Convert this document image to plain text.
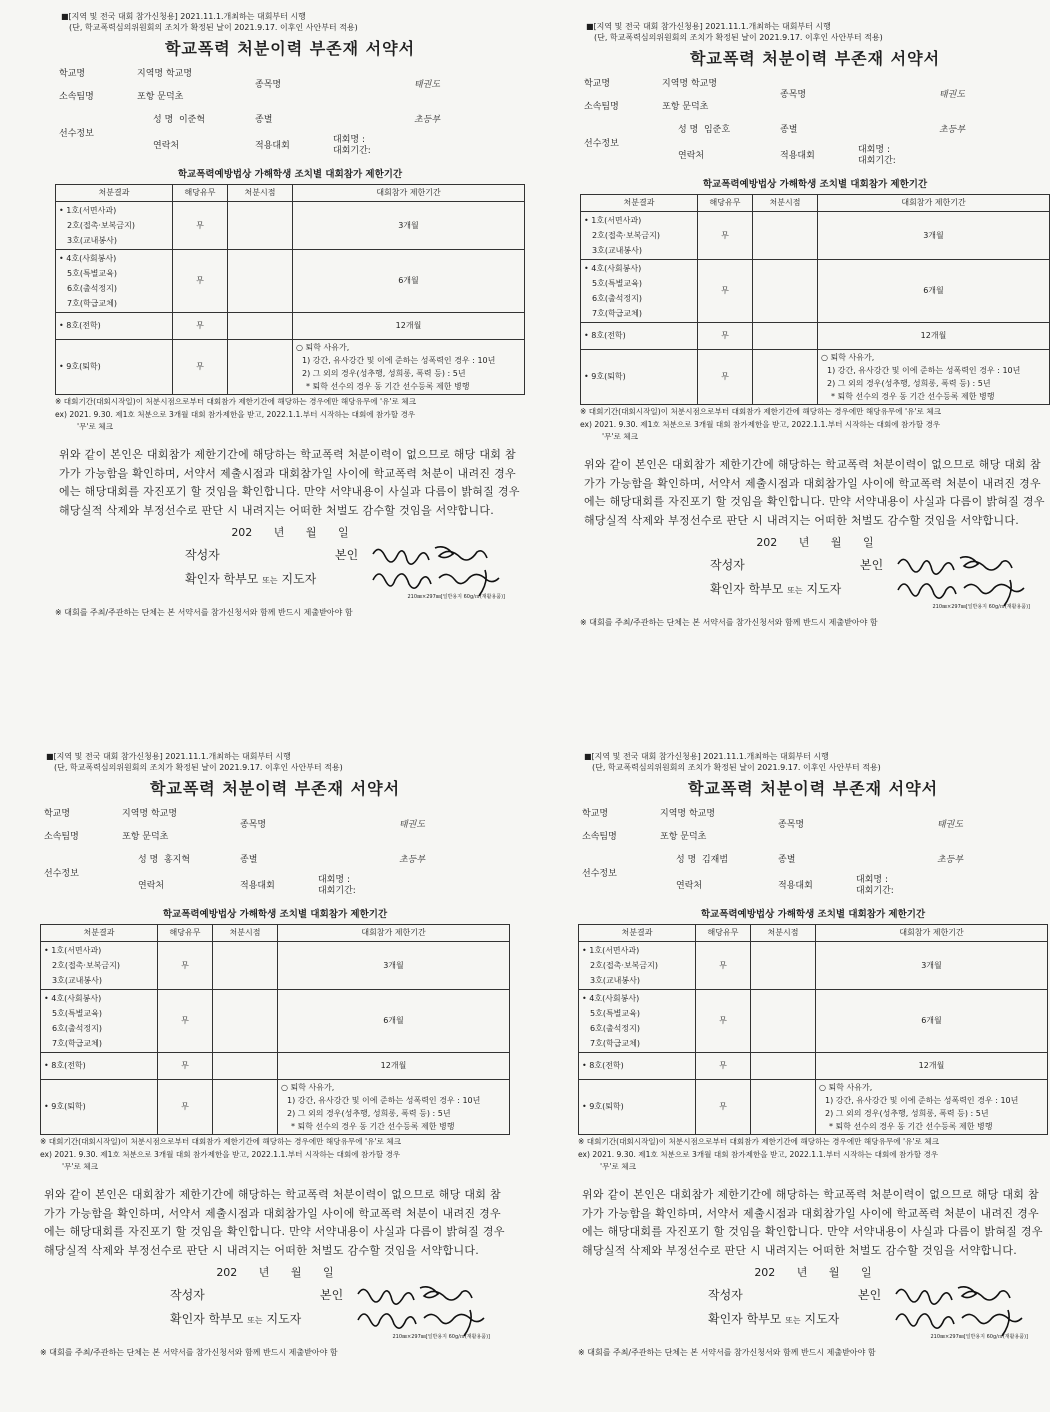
■[지역 및 전국 대회 참가신청용] 2021.11.1.개최하는 대회부터 시행
(단, 학교폭력심의위원회의 조치가 확정된 날이 2021.9.17. 이후인 사안부터 적용)
학교폭력 처분이력 부존재 서약서
학교명	지역명 학교명	종목명	태권도
소속팀명	포항 문덕초		
선수정보	성 명 이준혁	종별	초등부
	연락처	적용대회	대회명 :
대회기간:
학교폭력예방법상 가해학생 조치별 대회참가 제한기간
처분결과	해당유무	처분시점	대회참가 제한기간

• 1호(서면사과)
2호(접촉·보복금지)
3호(교내봉사)	무		3개월

• 4호(사회봉사)
5호(특별교육)
6호(출석정지)
7호(학급교체)	무		6개월
• 8호(전학)	무		12개월
• 9호(퇴학)	무		○ 퇴학 사유가,
1) 강간, 유사강간 및 이에 준하는 성폭력인 경우 : 10년
2) 그 외의 경우(성추행, 성희롱, 폭력 등) : 5년
* 퇴학 선수의 경우 동 기간 선수등록 제한 병행
※ 대회기간(대회시작일)이 처분시점으로부터 대회참가 제한기간에 해당하는 경우에만 해당유무에 '유'로 체크
ex) 2021. 9.30. 제1호 처분으로 3개월 대회 참가제한을 받고, 2022.1.1.부터 시작하는 대회에 참가할 경우
'무'로 체크
위와 같이 본인은 대회참가 제한기간에 해당하는 학교폭력 처분이력이 없으므로 해당 대회 참가가 가능함을 확인하며, 서약서 제출시점과 대회참가일 사이에 학교폭력 처분이 내려진 경우에는 해당대회를 자진포기 할 것임을 확인합니다. 만약 서약내용이 사실과 다름이 밝혀질 경우 해당실적 삭제와 부정선수로 판단 시 내려지는 어떠한 처벌도 감수할 것임을 서약합니다.
202 년 월 일
작성자	본인
확인자 학부모 또는 지도자
210㎜×297㎜[일반용지 60g/㎡(재활용품)]
※ 대회를 주최/주관하는 단체는 본 서약서를 참가신청서와 함께 반드시 제출받아야 함
■[지역 및 전국 대회 참가신청용] 2021.11.1.개최하는 대회부터 시행
(단, 학교폭력심의위원회의 조치가 확정된 날이 2021.9.17. 이후인 사안부터 적용)
학교폭력 처분이력 부존재 서약서
학교명	지역명 학교명	종목명	태권도
소속팀명	포항 문덕초		
선수정보	성 명 임준호	종별	초등부
	연락처	적용대회	대회명 :
대회기간:
학교폭력예방법상 가해학생 조치별 대회참가 제한기간
처분결과	해당유무	처분시점	대회참가 제한기간

• 1호(서면사과)
2호(접촉·보복금지)
3호(교내봉사)	무		3개월

• 4호(사회봉사)
5호(특별교육)
6호(출석정지)
7호(학급교체)	무		6개월
• 8호(전학)	무		12개월
• 9호(퇴학)	무		○ 퇴학 사유가,
1) 강간, 유사강간 및 이에 준하는 성폭력인 경우 : 10년
2) 그 외의 경우(성추행, 성희롱, 폭력 등) : 5년
* 퇴학 선수의 경우 동 기간 선수등록 제한 병행
※ 대회기간(대회시작일)이 처분시점으로부터 대회참가 제한기간에 해당하는 경우에만 해당유무에 '유'로 체크
ex) 2021. 9.30. 제1호 처분으로 3개월 대회 참가제한을 받고, 2022.1.1.부터 시작하는 대회에 참가할 경우
'무'로 체크
위와 같이 본인은 대회참가 제한기간에 해당하는 학교폭력 처분이력이 없으므로 해당 대회 참가가 가능함을 확인하며, 서약서 제출시점과 대회참가일 사이에 학교폭력 처분이 내려진 경우에는 해당대회를 자진포기 할 것임을 확인합니다. 만약 서약내용이 사실과 다름이 밝혀질 경우 해당실적 삭제와 부정선수로 판단 시 내려지는 어떠한 처벌도 감수할 것임을 서약합니다.
202 년 월 일
작성자	본인
확인자 학부모 또는 지도자
210㎜×297㎜[일반용지 60g/㎡(재활용품)]
※ 대회를 주최/주관하는 단체는 본 서약서를 참가신청서와 함께 반드시 제출받아야 함
■[지역 및 전국 대회 참가신청용] 2021.11.1.개최하는 대회부터 시행
(단, 학교폭력심의위원회의 조치가 확정된 날이 2021.9.17. 이후인 사안부터 적용)
학교폭력 처분이력 부존재 서약서
학교명	지역명 학교명	종목명	태권도
소속팀명	포항 문덕초		
선수정보	성 명 홍지혁	종별	초등부
	연락처	적용대회	대회명 :
대회기간:
학교폭력예방법상 가해학생 조치별 대회참가 제한기간
처분결과	해당유무	처분시점	대회참가 제한기간

• 1호(서면사과)
2호(접촉·보복금지)
3호(교내봉사)	무		3개월

• 4호(사회봉사)
5호(특별교육)
6호(출석정지)
7호(학급교체)	무		6개월
• 8호(전학)	무		12개월
• 9호(퇴학)	무		○ 퇴학 사유가,
1) 강간, 유사강간 및 이에 준하는 성폭력인 경우 : 10년
2) 그 외의 경우(성추행, 성희롱, 폭력 등) : 5년
* 퇴학 선수의 경우 동 기간 선수등록 제한 병행
※ 대회기간(대회시작일)이 처분시점으로부터 대회참가 제한기간에 해당하는 경우에만 해당유무에 '유'로 체크
ex) 2021. 9.30. 제1호 처분으로 3개월 대회 참가제한을 받고, 2022.1.1.부터 시작하는 대회에 참가할 경우
'무'로 체크
위와 같이 본인은 대회참가 제한기간에 해당하는 학교폭력 처분이력이 없으므로 해당 대회 참가가 가능함을 확인하며, 서약서 제출시점과 대회참가일 사이에 학교폭력 처분이 내려진 경우에는 해당대회를 자진포기 할 것임을 확인합니다. 만약 서약내용이 사실과 다름이 밝혀질 경우 해당실적 삭제와 부정선수로 판단 시 내려지는 어떠한 처벌도 감수할 것임을 서약합니다.
202 년 월 일
작성자	본인
확인자 학부모 또는 지도자
210㎜×297㎜[일반용지 60g/㎡(재활용품)]
※ 대회를 주최/주관하는 단체는 본 서약서를 참가신청서와 함께 반드시 제출받아야 함
■[지역 및 전국 대회 참가신청용] 2021.11.1.개최하는 대회부터 시행
(단, 학교폭력심의위원회의 조치가 확정된 날이 2021.9.17. 이후인 사안부터 적용)
학교폭력 처분이력 부존재 서약서
학교명	지역명 학교명	종목명	태권도
소속팀명	포항 문덕초		
선수정보	성 명 김재범	종별	초등부
	연락처	적용대회	대회명 :
대회기간:
학교폭력예방법상 가해학생 조치별 대회참가 제한기간
처분결과	해당유무	처분시점	대회참가 제한기간

• 1호(서면사과)
2호(접촉·보복금지)
3호(교내봉사)	무		3개월

• 4호(사회봉사)
5호(특별교육)
6호(출석정지)
7호(학급교체)	무		6개월
• 8호(전학)	무		12개월
• 9호(퇴학)	무		○ 퇴학 사유가,
1) 강간, 유사강간 및 이에 준하는 성폭력인 경우 : 10년
2) 그 외의 경우(성추행, 성희롱, 폭력 등) : 5년
* 퇴학 선수의 경우 동 기간 선수등록 제한 병행
※ 대회기간(대회시작일)이 처분시점으로부터 대회참가 제한기간에 해당하는 경우에만 해당유무에 '유'로 체크
ex) 2021. 9.30. 제1호 처분으로 3개월 대회 참가제한을 받고, 2022.1.1.부터 시작하는 대회에 참가할 경우
'무'로 체크
위와 같이 본인은 대회참가 제한기간에 해당하는 학교폭력 처분이력이 없으므로 해당 대회 참가가 가능함을 확인하며, 서약서 제출시점과 대회참가일 사이에 학교폭력 처분이 내려진 경우에는 해당대회를 자진포기 할 것임을 확인합니다. 만약 서약내용이 사실과 다름이 밝혀질 경우 해당실적 삭제와 부정선수로 판단 시 내려지는 어떠한 처벌도 감수할 것임을 서약합니다.
202 년 월 일
작성자	본인
확인자 학부모 또는 지도자
210㎜×297㎜[일반용지 60g/㎡(재활용품)]
※ 대회를 주최/주관하는 단체는 본 서약서를 참가신청서와 함께 반드시 제출받아야 함
